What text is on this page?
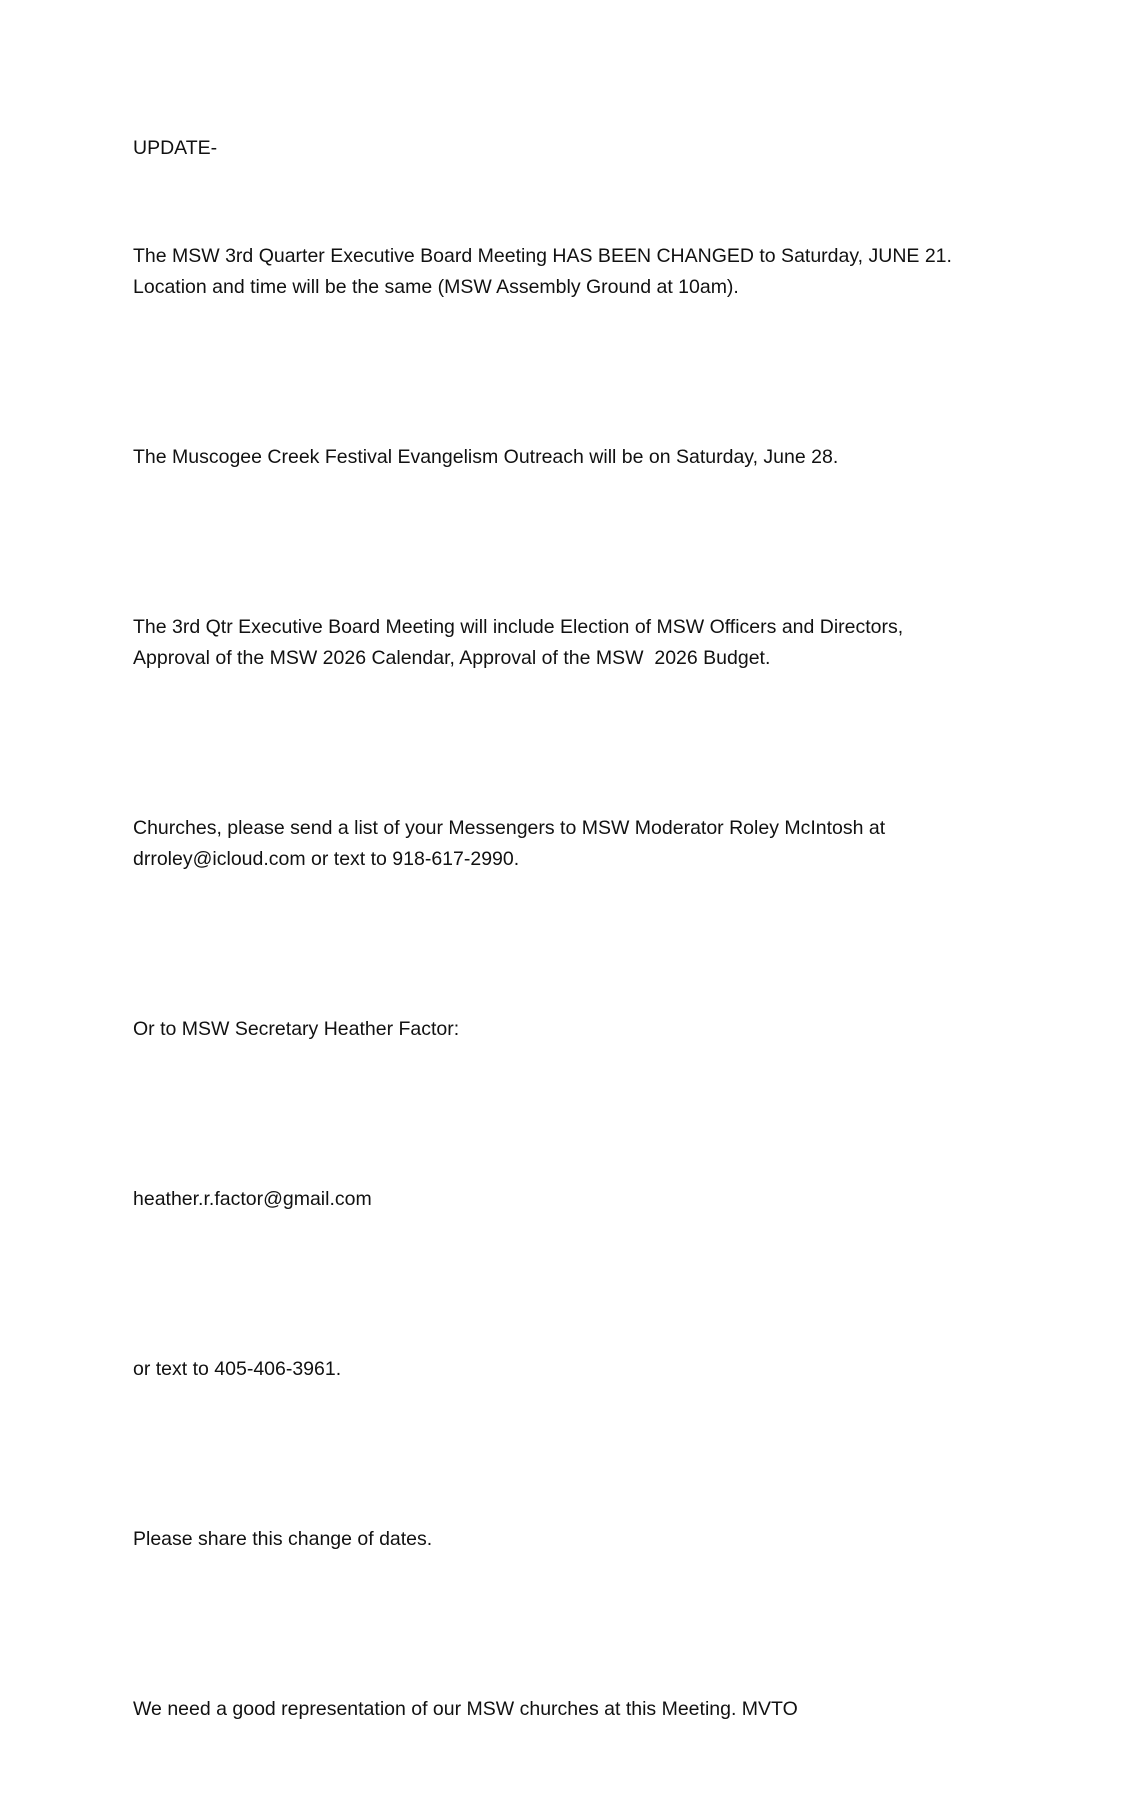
UPDATE-

The MSW 3rd Quarter Executive Board Meeting HAS BEEN CHANGED to Saturday, JUNE 21.
Location and time will be the same (MSW Assembly Ground at 10am).

The Muscogee Creek Festival Evangelism Outreach will be on Saturday, June 28.

The 3rd Qtr Executive Board Meeting will include Election of MSW Officers and Directors,
Approval of the MSW 2026 Calendar, Approval of the MSW  2026 Budget.

Churches, please send a list of your Messengers to MSW Moderator Roley McIntosh at
drroley@icloud.com or text to 918-617-2990.

Or to MSW Secretary Heather Factor:

heather.r.factor@gmail.com

or text to 405-406-3961.

Please share this change of dates.

We need a good representation of our MSW churches at this Meeting. MVTO
